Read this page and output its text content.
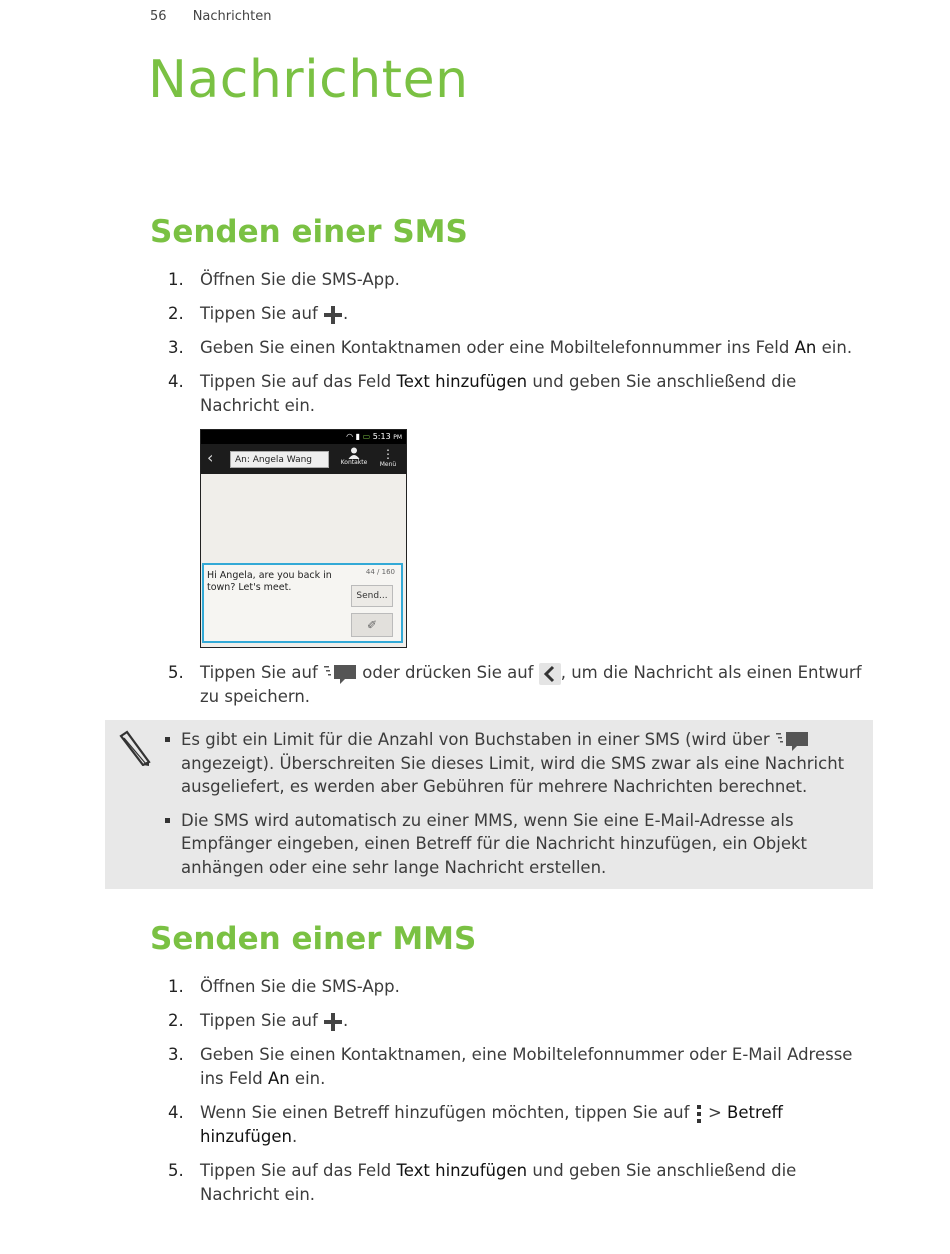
56 Nachrichten
Nachrichten
Senden einer SMS
1. Öffnen Sie die SMS-App.
2. Tippen Sie auf .
3. Geben Sie einen Kontaktnamen oder eine Mobiltelefonnummer ins Feld An ein.
4. Tippen Sie auf das Feld Text hinzufügen und geben Sie anschließend die Nachricht ein.
◠ ▮ ▭ 5:13 PM
‹	An: Angela Wang	Kontakte
⋮
Menü
Hi Angela, are you back in town? Let's meet.
44 / 160
Send...
✐
5. Tippen Sie auf  oder drücken Sie auf , um die Nachricht als einen Entwurf zu speichern.
Es gibt ein Limit für die Anzahl von Buchstaben in einer SMS (wird über  angezeigt). Überschreiten Sie dieses Limit, wird die SMS zwar als eine Nachricht ausgeliefert, es werden aber Gebühren für mehrere Nachrichten berechnet.
Die SMS wird automatisch zu einer MMS, wenn Sie eine E-Mail-Adresse als Empfänger eingeben, einen Betreff für die Nachricht hinzufügen, ein Objekt anhängen oder eine sehr lange Nachricht erstellen.
Senden einer MMS
1. Öffnen Sie die SMS-App.
2. Tippen Sie auf .
3. Geben Sie einen Kontaktnamen, eine Mobiltelefonnummer oder E-Mail Adresse ins Feld An ein.
4. Wenn Sie einen Betreff hinzufügen möchten, tippen Sie auf  > Betreff hinzufügen.
5. Tippen Sie auf das Feld Text hinzufügen und geben Sie anschließend die Nachricht ein.
